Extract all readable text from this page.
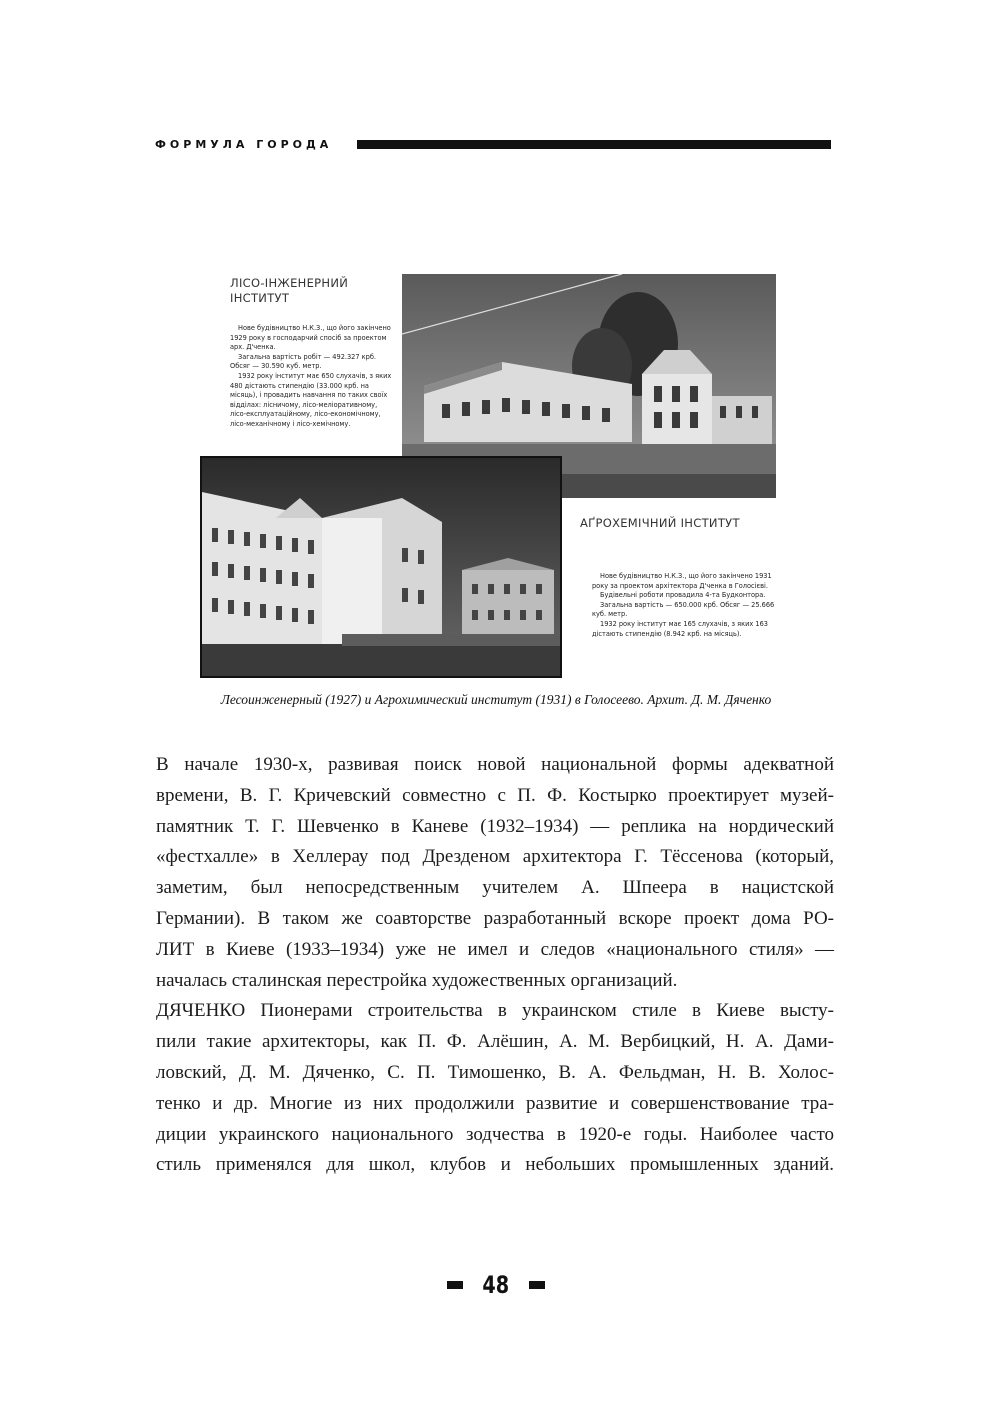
ФОРМУЛА ГОРОДА
ЛІСО-ІНЖЕНЕРНИЙ
ІНСТИТУТ

Нове будівництво Н.К.З., що його закінчено 1929 року в господарчий спосіб за проектом арх. Д'ченка.

Загальна вартість робіт — 492.327 крб. Обсяг — 30.590 куб. метр.

1932 року інститут має 650 слухачів, з яких 480 дістають стипендію (33.000 крб. на місяць), і провадить навчання по таких своїх відділах: лісничому, лісо-меліоративному, лісо-експлуатаційному, лісо-економічному, лісо-механічному і лісо-хемічному.

АҐРОХЕМІЧНИЙ ІНСТИТУТ

Нове будівництво Н.К.З., що його закінчено 1931 року за проектом архітектора Д'ченка в Голосієві.

Будівельні роботи провадила 4-та Будконтора.

Загальна вартість — 650.000 крб. Обсяг — 25.666 куб. метр.

1932 року інститут має 165 слухачів, з яких 163 дістають стипендію (8.942 крб. на місяць).

Лесоинженерный (1927) и Агрохимический институт (1931) в Голосеево. Архит. Д. М. Дяченко
В начале 1930-х, развивая поиск новой национальной формы адекватной
времени, В. Г. Кричевский совместно с П. Ф. Костырко проектирует музей-
памятник Т. Г. Шевченко в Каневе (1932–1934) — реплика на нордический
«фестхалле» в Хеллерау под Дрезденом архитектора Г. Тёссенова (который,
заметим, был непосредственным учителем А. Шпеера в нацистской
Германии). В таком же соавторстве разработанный вскоре проект дома РО-
ЛИТ в Киеве (1933–1934) уже не имел и следов «национального стиля» —
началась сталинская перестройка художественных организаций.
ДЯЧЕНКО Пионерами строительства в украинском стиле в Киеве высту-
пили такие архитекторы, как П. Ф. Алёшин, А. М. Вербицкий, Н. А. Дами-
ловский, Д. М. Дяченко, С. П. Тимошенко, В. А. Фельдман, Н. В. Холос-
тенко и др. Многие из них продолжили развитие и совершенствование тра-
диции украинского национального зодчества в 1920-е годы. Наиболее часто
стиль применялся для школ, клубов и небольших промышленных зданий.
48
